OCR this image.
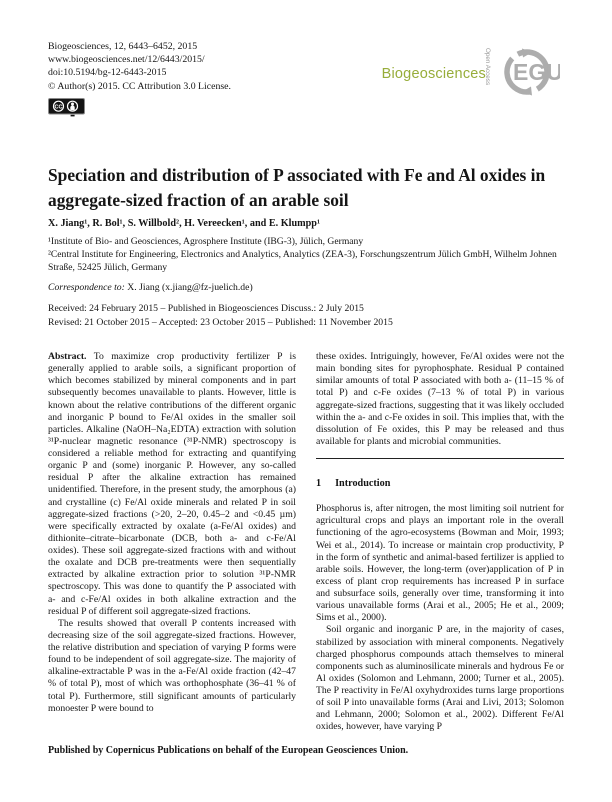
Biogeosciences, 12, 6443–6452, 2015
www.biogeosciences.net/12/6443/2015/
doi:10.5194/bg-12-6443-2015
© Author(s) 2015. CC Attribution 3.0 License.
CC
Biogeosciences
Open Access EGU
Speciation and distribution of P associated with Fe and Al oxides in aggregate-sized fraction of an arable soil
X. Jiang¹, R. Bol¹, S. Willbold², H. Vereecken¹, and E. Klumpp¹
¹Institute of Bio- and Geosciences, Agrosphere Institute (IBG-3), Jülich, Germany
²Central Institute for Engineering, Electronics and Analytics, Analytics (ZEA-3), Forschungszentrum Jülich GmbH, Wilhelm Johnen Straße, 52425 Jülich, Germany
Correspondence to: X. Jiang (x.jiang@fz-juelich.de)
Received: 24 February 2015 – Published in Biogeosciences Discuss.: 2 July 2015
Revised: 21 October 2015 – Accepted: 23 October 2015 – Published: 11 November 2015

Abstract. To maximize crop productivity fertilizer P is generally applied to arable soils, a significant proportion of which becomes stabilized by mineral components and in part subsequently becomes unavailable to plants. However, little is known about the relative contributions of the different organic and inorganic P bound to Fe/Al oxides in the smaller soil particles. Alkaline (NaOH–Na₂EDTA) extraction with solution ³¹P-nuclear magnetic resonance (³¹P-NMR) spectroscopy is considered a reliable method for extracting and quantifying organic P and (some) inorganic P. However, any so-called residual P after the alkaline extraction has remained unidentified. Therefore, in the present study, the amorphous (a) and crystalline (c) Fe/Al oxide minerals and related P in soil aggregate-sized fractions (>20, 2–20, 0.45–2 and <0.45 µm) were specifically extracted by oxalate (a-Fe/Al oxides) and dithionite–citrate–bicarbonate (DCB, both a- and c-Fe/Al oxides). These soil aggregate-sized fractions with and without the oxalate and DCB pre-treatments were then sequentially extracted by alkaline extraction prior to solution ³¹P-NMR spectroscopy. This was done to quantify the P associated with a- and c-Fe/Al oxides in both alkaline extraction and the residual P of different soil aggregate-sized fractions.

The results showed that overall P contents increased with decreasing size of the soil aggregate-sized fractions. However, the relative distribution and speciation of varying P forms were found to be independent of soil aggregate-size. The majority of alkaline-extractable P was in the a-Fe/Al oxide fraction (42–47 % of total P), most of which was orthophosphate (36–41 % of total P). Furthermore, still significant amounts of particularly monoester P were bound to

these oxides. Intriguingly, however, Fe/Al oxides were not the main bonding sites for pyrophosphate. Residual P contained similar amounts of total P associated with both a- (11–15 % of total P) and c-Fe oxides (7–13 % of total P) in various aggregate-sized fractions, suggesting that it was likely occluded within the a- and c-Fe oxides in soil. This implies that, with the dissolution of Fe oxides, this P may be released and thus available for plants and microbial communities.

1 Introduction

Phosphorus is, after nitrogen, the most limiting soil nutrient for agricultural crops and plays an important role in the overall functioning of the agro-ecosystems (Bowman and Moir, 1993; Wei et al., 2014). To increase or maintain crop productivity, P in the form of synthetic and animal-based fertilizer is applied to arable soils. However, the long-term (over)application of P in excess of plant crop requirements has increased P in surface and subsurface soils, generally over time, transforming it into various unavailable forms (Arai et al., 2005; He et al., 2009; Sims et al., 2000).

Soil organic and inorganic P are, in the majority of cases, stabilized by association with mineral components. Negatively charged phosphorus compounds attach themselves to mineral components such as aluminosilicate minerals and hydrous Fe or Al oxides (Solomon and Lehmann, 2000; Turner et al., 2005). The P reactivity in Fe/Al oxyhydroxides turns large proportions of soil P into unavailable forms (Arai and Livi, 2013; Solomon and Lehmann, 2000; Solomon et al., 2002). Different Fe/Al oxides, however, have varying P

Published by Copernicus Publications on behalf of the European Geosciences Union.
